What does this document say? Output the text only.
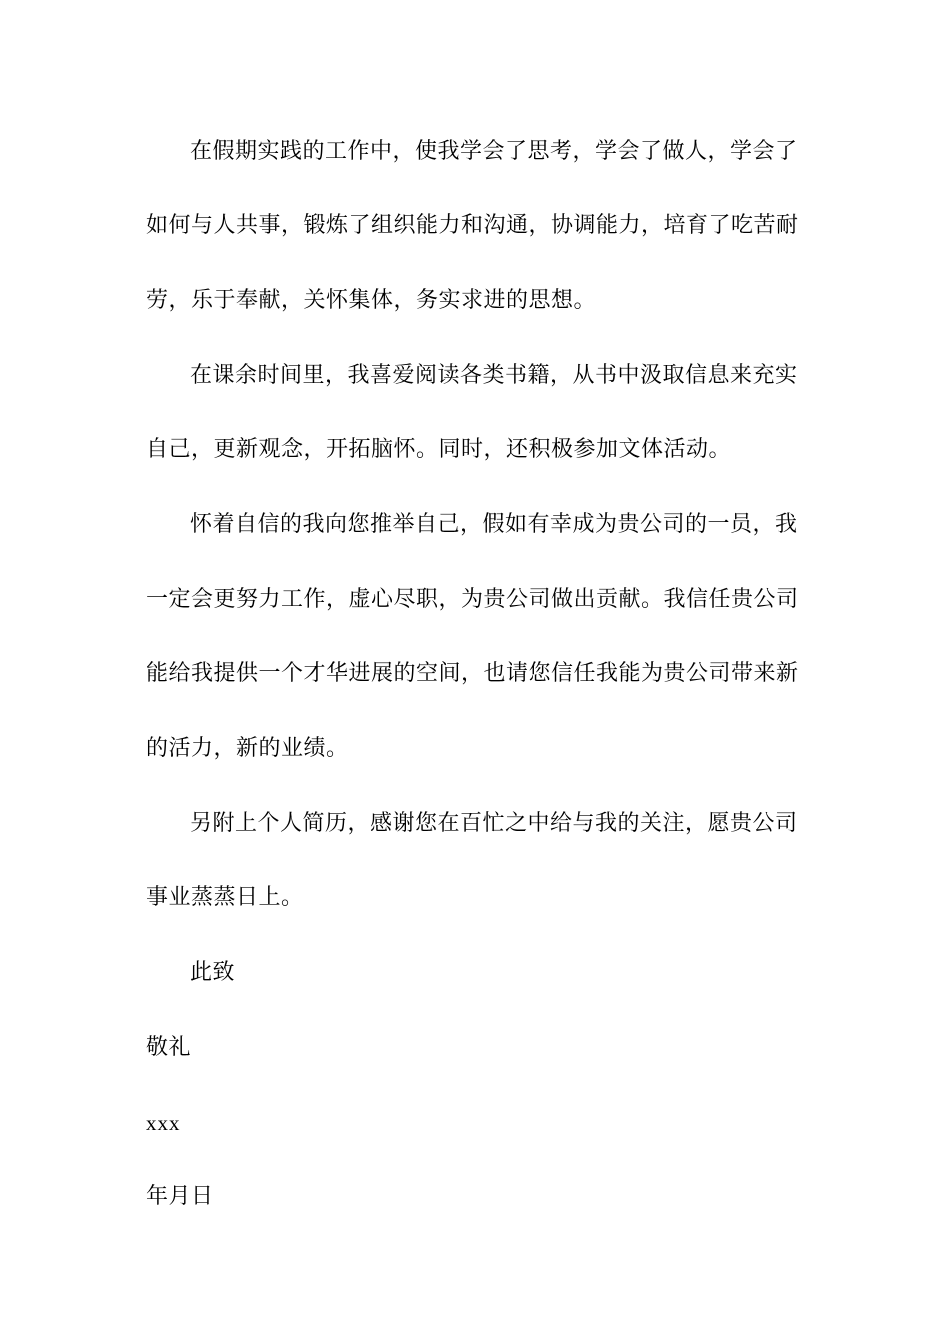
在假期实践的工作中，使我学会了思考，学会了做人，学会了
如何与人共事，锻炼了组织能力和沟通，协调能力，培育了吃苦耐
劳，乐于奉献，关怀集体，务实求进的思想。
在课余时间里，我喜爱阅读各类书籍，从书中汲取信息来充实
自己，更新观念，开拓脑怀。同时，还积极参加文体活动。
怀着自信的我向您推举自己，假如有幸成为贵公司的一员，我
一定会更努力工作，虚心尽职，为贵公司做出贡献。我信任贵公司
能给我提供一个才华进展的空间，也请您信任我能为贵公司带来新
的活力，新的业绩。
另附上个人简历，感谢您在百忙之中给与我的关注，愿贵公司
事业蒸蒸日上。
此致
敬礼
xxx
年月日
